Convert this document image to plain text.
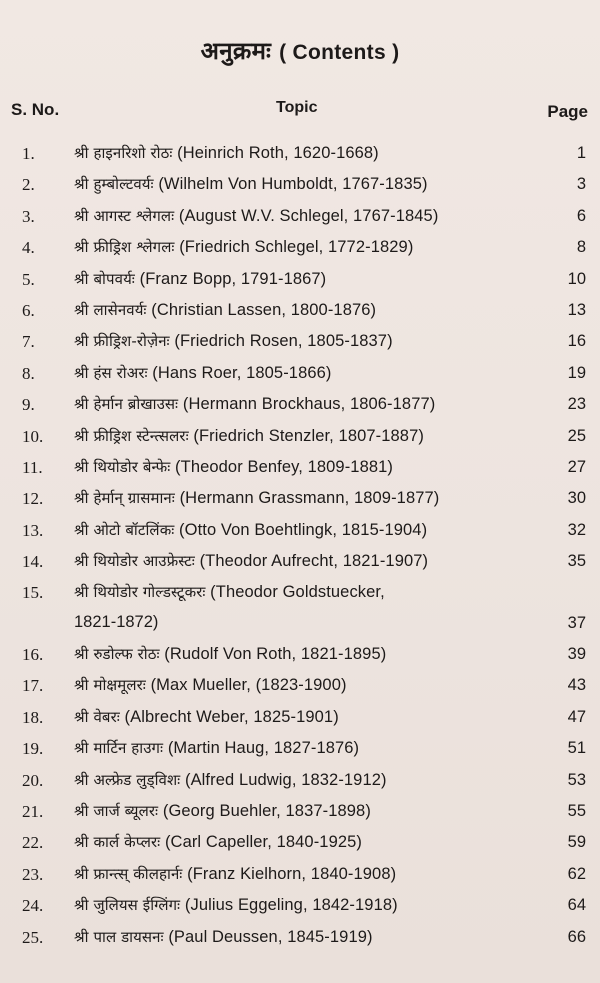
अनुक्रमः ( Contents )
S. No.	Topic	Page
1.	श्री हाइनरिशो रोठः (Heinrich Roth, 1620-1668)	1
2.	श्री हुम्बोल्टवर्यः (Wilhelm Von Humboldt, 1767-1835)	3
3.	श्री आगस्ट श्लेगलः (August W.V. Schlegel, 1767-1845)	6
4.	श्री फ्रीड्रिश श्लेगलः (Friedrich Schlegel, 1772-1829)	8
5.	श्री बोपवर्यः (Franz Bopp, 1791-1867)	10
6.	श्री लासेनवर्यः (Christian Lassen, 1800-1876)	13
7.	श्री फ्रीड्रिश-रोज़ेनः (Friedrich Rosen, 1805-1837)	16
8.	श्री हंस रोअरः (Hans Roer, 1805-1866)	19
9.	श्री हेर्मान ब्रोखाउसः (Hermann Brockhaus, 1806-1877)	23
10.	श्री फ्रीड्रिश स्टेन्त्सलरः (Friedrich Stenzler, 1807-1887)	25
11.	श्री थियोडोर बेन्फेः (Theodor Benfey, 1809-1881)	27
12.	श्री हेर्मान् ग्रासमानः (Hermann Grassmann, 1809-1877)	30
13.	श्री ओटो बॉटलिंकः (Otto Von Boehtlingk, 1815-1904)	32
14.	श्री थियोडोर आउफ्रेस्टः (Theodor Aufrecht, 1821-1907)	35
15.	श्री थियोडोर गोल्डस्टूकरः (Theodor Goldstuecker,
1821-1872)	37
16.	श्री रुडोल्फ रोठः (Rudolf Von Roth, 1821-1895)	39
17.	श्री मोक्षमूलरः (Max Mueller, (1823-1900)	43
18.	श्री वेबरः (Albrecht Weber, 1825-1901)	47
19.	श्री मार्टिन हाउगः (Martin Haug, 1827-1876)	51
20.	श्री अल्फ्रेड लुड्विशः (Alfred Ludwig, 1832-1912)	53
21.	श्री जार्ज ब्यूलरः (Georg Buehler, 1837-1898)	55
22.	श्री कार्ल केप्लरः (Carl Capeller, 1840-1925)	59
23.	श्री फ्रान्त्स् कीलहार्नः (Franz Kielhorn, 1840-1908)	62
24.	श्री जुलियस ईग्लिंगः (Julius Eggeling, 1842-1918)	64
25.	श्री पाल डायसनः (Paul Deussen, 1845-1919)	66
